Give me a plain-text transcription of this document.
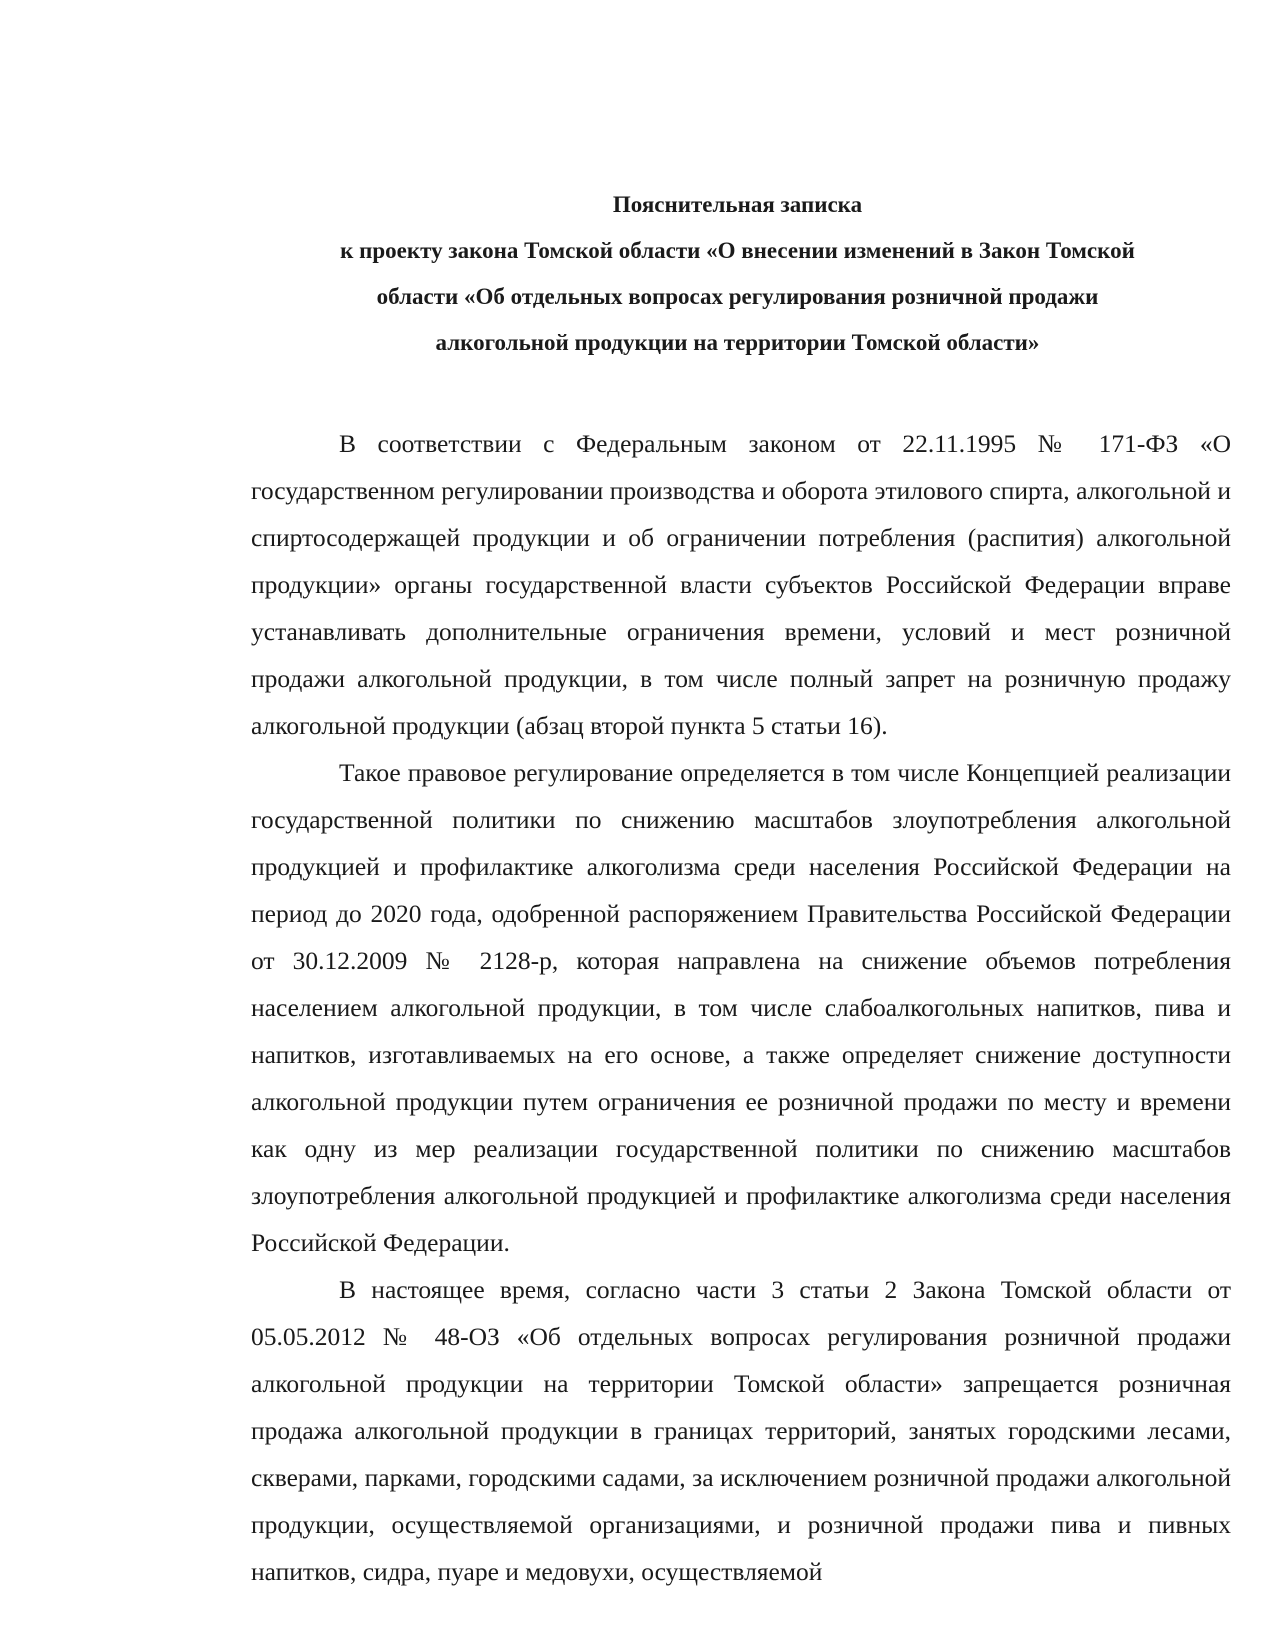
Пояснительная записка
к проекту закона Томской области «О внесении изменений в Закон Томской
области «Об отдельных вопросах регулирования розничной продажи
алкогольной продукции на территории Томской области»

В соответствии с Федеральным законом от 22.11.1995 № 171-ФЗ «О государственном регулировании производства и оборота этилового спирта, алкогольной и спиртосодержащей продукции и об ограничении потребления (распития) алкогольной продукции» органы государственной власти субъектов Российской Федерации вправе устанавливать дополнительные ограничения времени, условий и мест розничной продажи алкогольной продукции, в том числе полный запрет на розничную продажу алкогольной продукции (абзац второй пункта 5 статьи 16).

Такое правовое регулирование определяется в том числе Концепцией реализации государственной политики по снижению масштабов злоупотребления алкогольной продукцией и профилактике алкоголизма среди населения Российской Федерации на период до 2020 года, одобренной распоряжением Правительства Российской Федерации от 30.12.2009 № 2128-р, которая направлена на снижение объемов потребления населением алкогольной продукции, в том числе слабоалкогольных напитков, пива и напитков, изготавливаемых на его основе, а также определяет снижение доступности алкогольной продукции путем ограничения ее розничной продажи по месту и времени как одну из мер реализации государственной политики по снижению масштабов злоупотребления алкогольной продукцией и профилактике алкоголизма среди населения Российской Федерации.

В настоящее время, согласно части 3 статьи 2 Закона Томской области от 05.05.2012 № 48-ОЗ «Об отдельных вопросах регулирования розничной продажи алкогольной продукции на территории Томской области» запрещается розничная продажа алкогольной продукции в границах территорий, занятых городскими лесами, скверами, парками, городскими садами, за исключением розничной продажи алкогольной продукции, осуществляемой организациями, и розничной продажи пива и пивных напитков, сидра, пуаре и медовухи, осуществляемой
